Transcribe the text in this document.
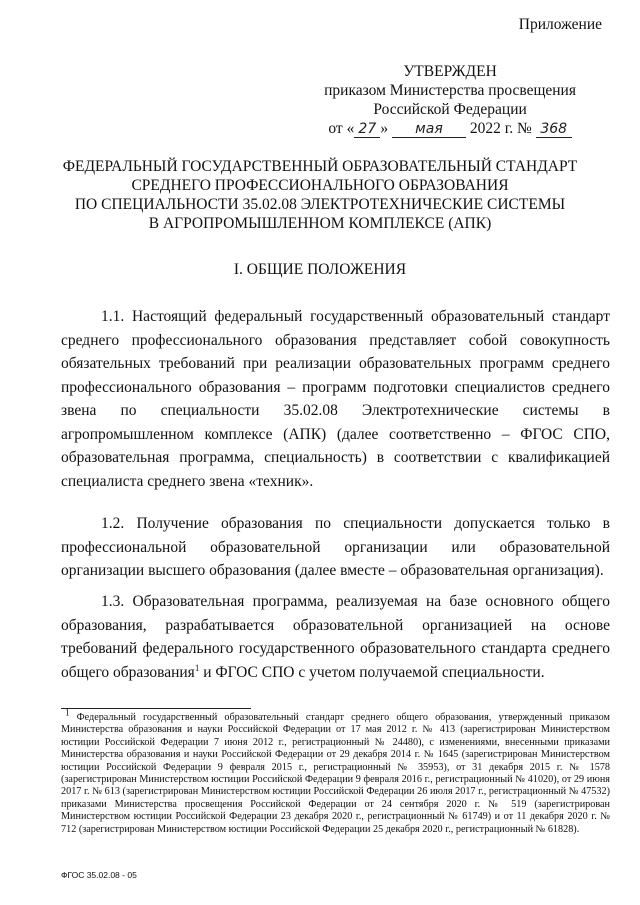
Приложение
УТВЕРЖДЕН
приказом Министерства просвещения
Российской Федерации
от « 27 » мая 2022 г. № 368
ФЕДЕРАЛЬНЫЙ ГОСУДАРСТВЕННЫЙ ОБРАЗОВАТЕЛЬНЫЙ СТАНДАРТ
СРЕДНЕГО ПРОФЕССИОНАЛЬНОГО ОБРАЗОВАНИЯ
ПО СПЕЦИАЛЬНОСТИ 35.02.08 ЭЛЕКТРОТЕХНИЧЕСКИЕ СИСТЕМЫ
В АГРОПРОМЫШЛЕННОМ КОМПЛЕКСЕ (АПК)
I. ОБЩИЕ ПОЛОЖЕНИЯ
1.1. Настоящий федеральный государственный образовательный стандарт среднего профессионального образования представляет собой совокупность обязательных требований при реализации образовательных программ среднего профессионального образования – программ подготовки специалистов среднего звена по специальности 35.02.08 Электротехнические системы в агропромышленном комплексе (АПК) (далее соответственно – ФГОС СПО, образовательная программа, специальность) в соответствии с квалификацией специалиста среднего звена «техник».
1.2. Получение образования по специальности допускается только в профессиональной образовательной организации или образовательной организации высшего образования (далее вместе – образовательная организация).
1.3. Образовательная программа, реализуемая на базе основного общего образования, разрабатывается образовательной организацией на основе требований федерального государственного образовательного стандарта среднего общего образования$^1$ и ФГОС СПО с учетом получаемой специальности.
$^1$ Федеральный государственный образовательный стандарт среднего общего образования, утвержденный приказом Министерства образования и науки Российской Федерации от 17 мая 2012 г. № 413 (зарегистрирован Министерством юстиции Российской Федерации 7 июня 2012 г., регистрационный № 24480), с изменениями, внесенными приказами Министерства образования и науки Российской Федерации от 29 декабря 2014 г. № 1645 (зарегистрирован Министерством юстиции Российской Федерации 9 февраля 2015 г., регистрационный № 35953), от 31 декабря 2015 г. № 1578 (зарегистрирован Министерством юстиции Российской Федерации 9 февраля 2016 г., регистрационный № 41020), от 29 июня 2017 г. № 613 (зарегистрирован Министерством юстиции Российской Федерации 26 июля 2017 г., регистрационный № 47532) приказами Министерства просвещения Российской Федерации от 24 сентября 2020 г. № 519 (зарегистрирован Министерством юстиции Российской Федерации 23 декабря 2020 г., регистрационный № 61749) и от 11 декабря 2020 г. № 712 (зарегистрирован Министерством юстиции Российской Федерации 25 декабря 2020 г., регистрационный № 61828).
ФГОС 35.02.08 - 05
